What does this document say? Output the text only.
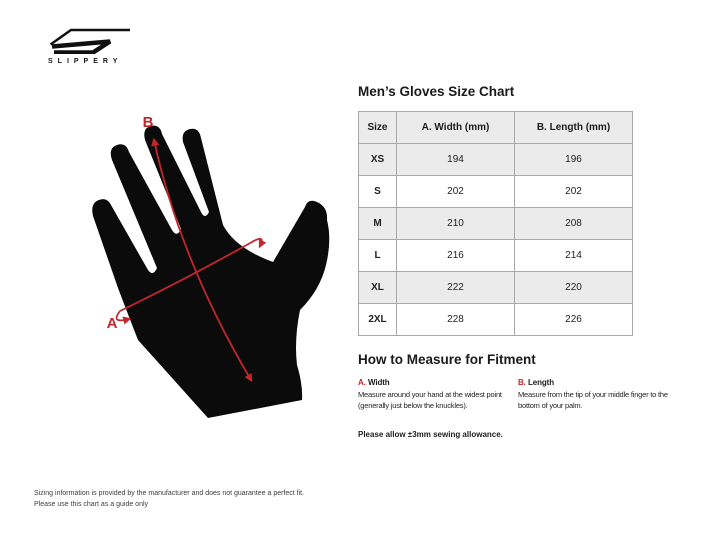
SLIPPERY
B
A
Men’s Gloves Size Chart
Size	A. Width (mm)	B. Length (mm)
XS	194	196
S	202	202
M	210	208
L	216	214
XL	222	220
2XL	228	226
How to Measure for Fitment
A. Width

Measure around your hand at the widest point (generally just below the knuckles).

B. Length

Measure from the tip of your middle finger to the bottom of your palm.

Please allow ±3mm sewing allowance.

Sizing information is provided by the manufacturer and does not guarantee a perfect fit.
Please use this chart as a guide only
